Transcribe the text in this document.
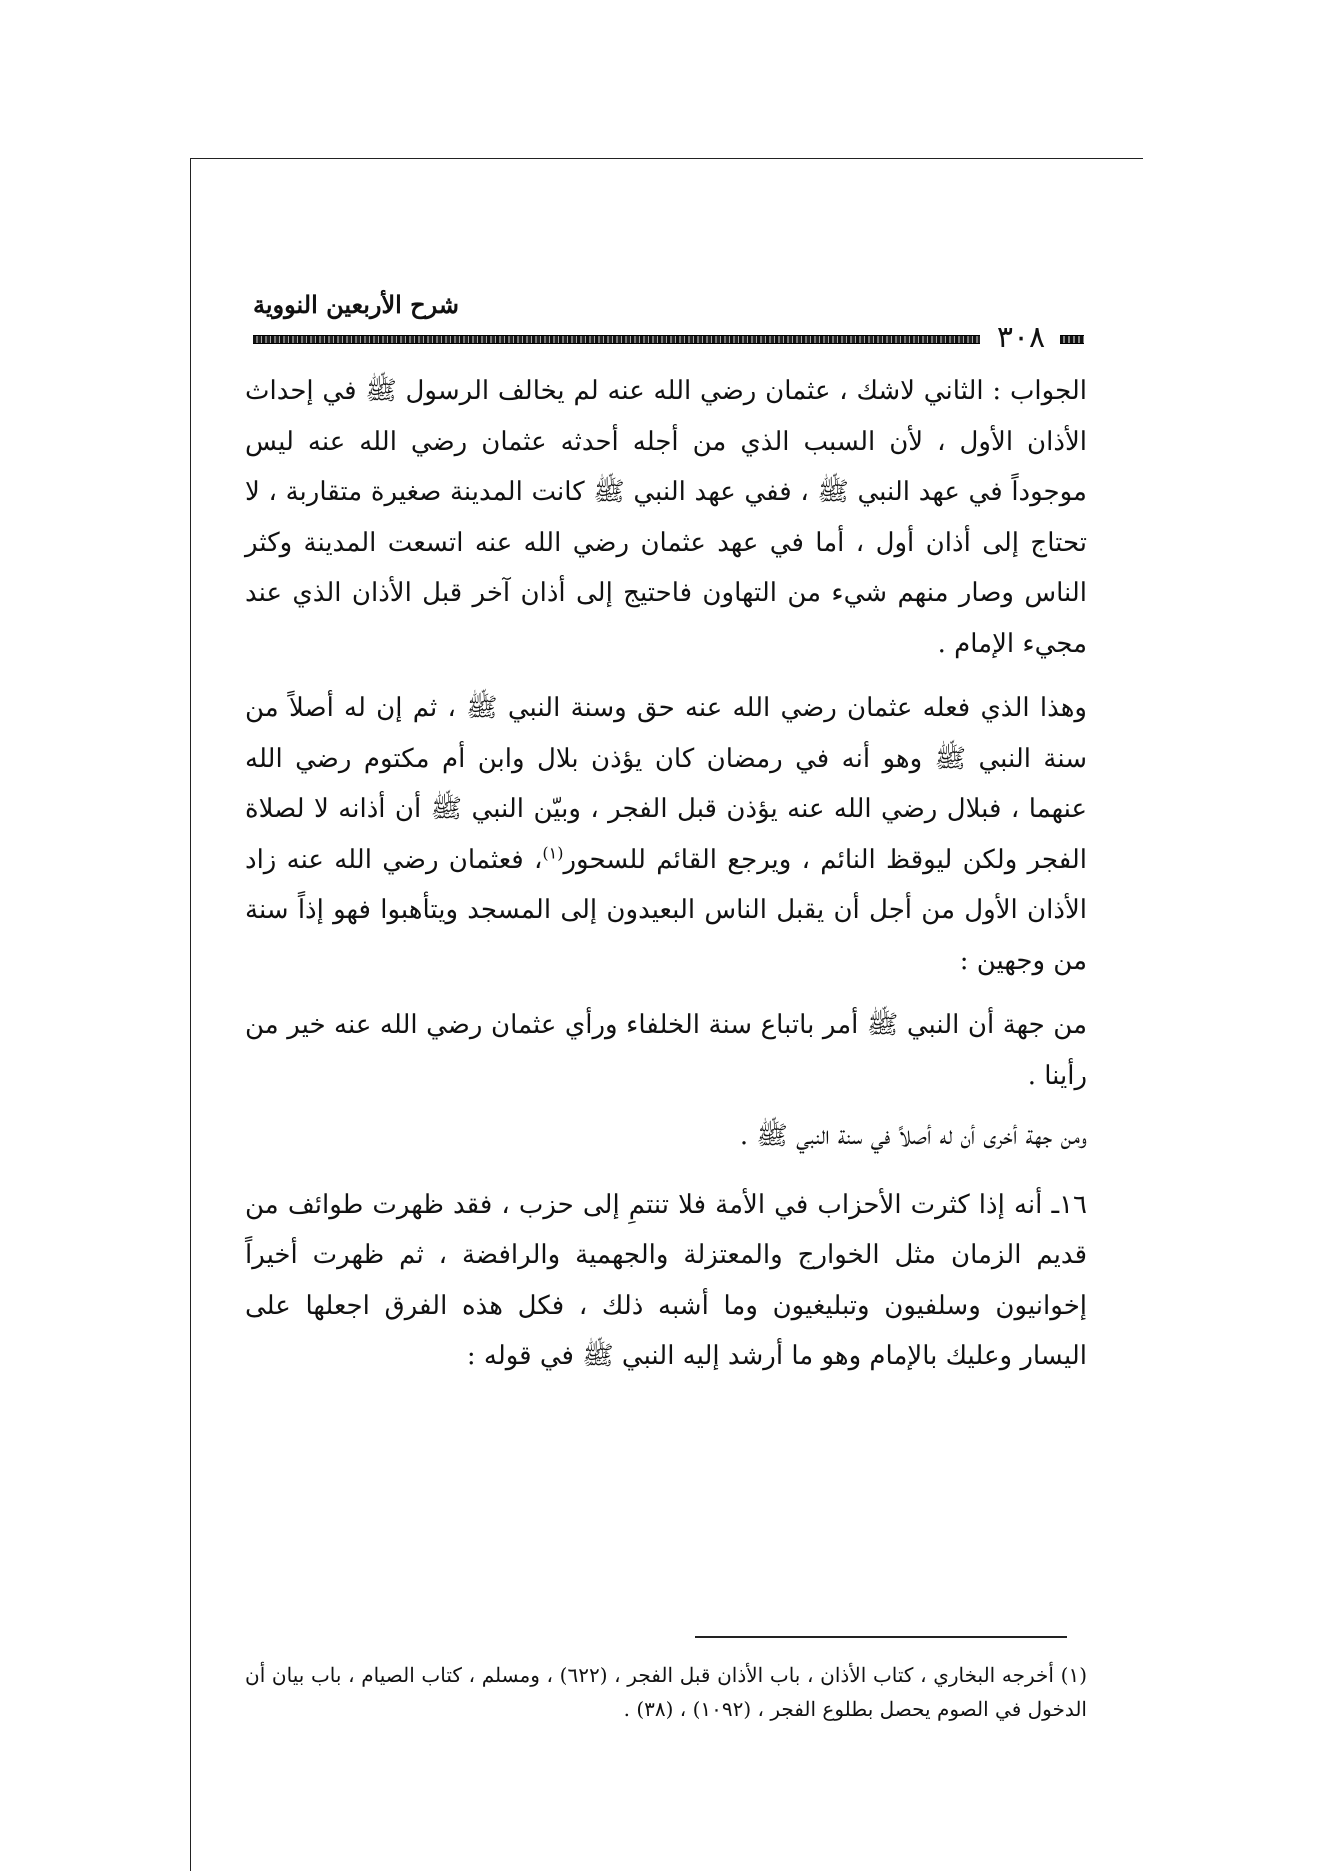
شرح الأربعين النووية
٣٠٨

الجواب : الثاني لاشك ، عثمان رضي الله عنه لم يخالف الرسول ﷺ في إحداث الأذان الأول ، لأن السبب الذي من أجله أحدثه عثمان رضي الله عنه ليس موجوداً في عهد النبي ﷺ ، ففي عهد النبي ﷺ كانت المدينة صغيرة متقاربة ، لا تحتاج إلى أذان أول ، أما في عهد عثمان رضي الله عنه اتسعت المدينة وكثر الناس وصار منهم شيء من التهاون فاحتيج إلى أذان آخر قبل الأذان الذي عند مجيء الإمام .

وهذا الذي فعله عثمان رضي الله عنه حق وسنة النبي ﷺ ، ثم إن له أصلاً من سنة النبي ﷺ وهو أنه في رمضان كان يؤذن بلال وابن أم مكتوم رضي الله عنهما ، فبلال رضي الله عنه يؤذن قبل الفجر ، وبيّن النبي ﷺ أن أذانه لا لصلاة الفجر ولكن ليوقظ النائم ، ويرجع القائم للسحور$^{(١)}$، فعثمان رضي الله عنه زاد الأذان الأول من أجل أن يقبل الناس البعيدون إلى المسجد ويتأهبوا فهو إذاً سنة من وجهين :

من جهة أن النبي ﷺ أمر باتباع سنة الخلفاء ورأي عثمان رضي الله عنه خير من رأينا .

ومن جهة أخرى أن له أصلاً في سنة النبي ﷺ .

١٦ـ أنه إذا كثرت الأحزاب في الأمة فلا تنتمِ إلى حزب ، فقد ظهرت طوائف من قديم الزمان مثل الخوارج والمعتزلة والجهمية والرافضة ، ثم ظهرت أخيراً إخوانيون وسلفيون وتبليغيون وما أشبه ذلك ، فكل هذه الفرق اجعلها على اليسار وعليك بالإمام وهو ما أرشد إليه النبي ﷺ في قوله :

(١) أخرجه البخاري ، كتاب الأذان ، باب الأذان قبل الفجر ، (٦٢٢) ، ومسلم ، كتاب الصيام ، باب بيان أن الدخول في الصوم يحصل بطلوع الفجر ، (١٠٩٢) ، (٣٨) .
